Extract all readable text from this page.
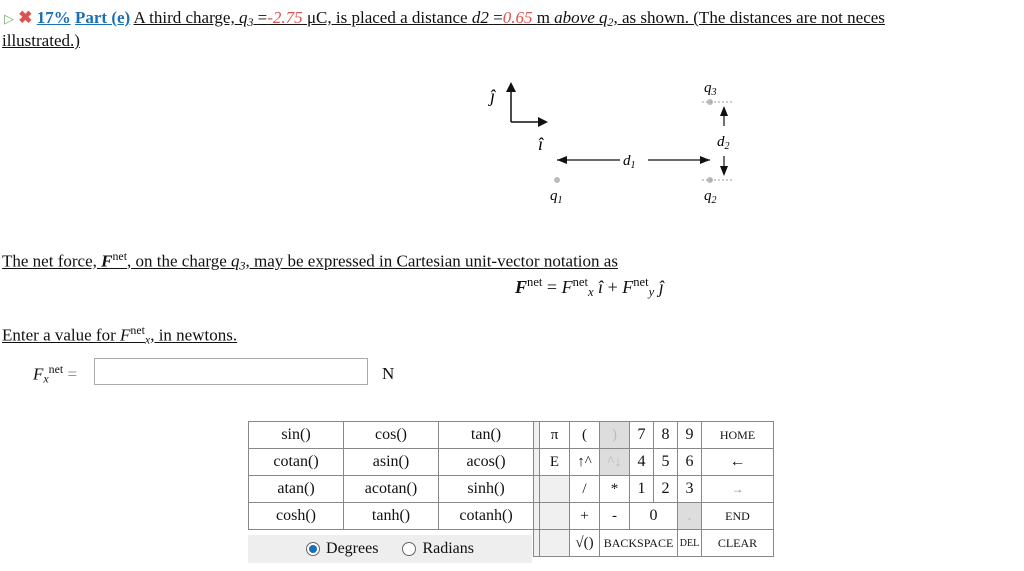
▷ ✖ 17% Part (e) A third charge, $q_3 =-2.75$ μC, is placed a distance d2 =0.65 m above $q_2$, as shown. (The distances are not neces
illustrated.)
ĵ
î
$q_1$	$q_2$
$q_3$
$d_1$
$d_2$
The net force, $F^{net}$, on the charge $q_3$, may be expressed in Cartesian unit-vector notation as
$F^{net} = F^{net}_x$ î + $F^{net}_y$ ĵ
Enter a value for $F^{net}_x$, in newtons.
$F_x^{net}$ =	N
sin()	cos()	tan()		π	(	)	7	8	9	HOME
cotan()	asin()	acos()		E	↑^	^↓	4	5	6	←
atan()	acotan()	sinh()			/	*	1	2	3	→
cosh()	tanh()	cotanh()			+	-	0		.	END
					√()	BACKSPACE			DEL	CLEAR
Degrees	Radians
